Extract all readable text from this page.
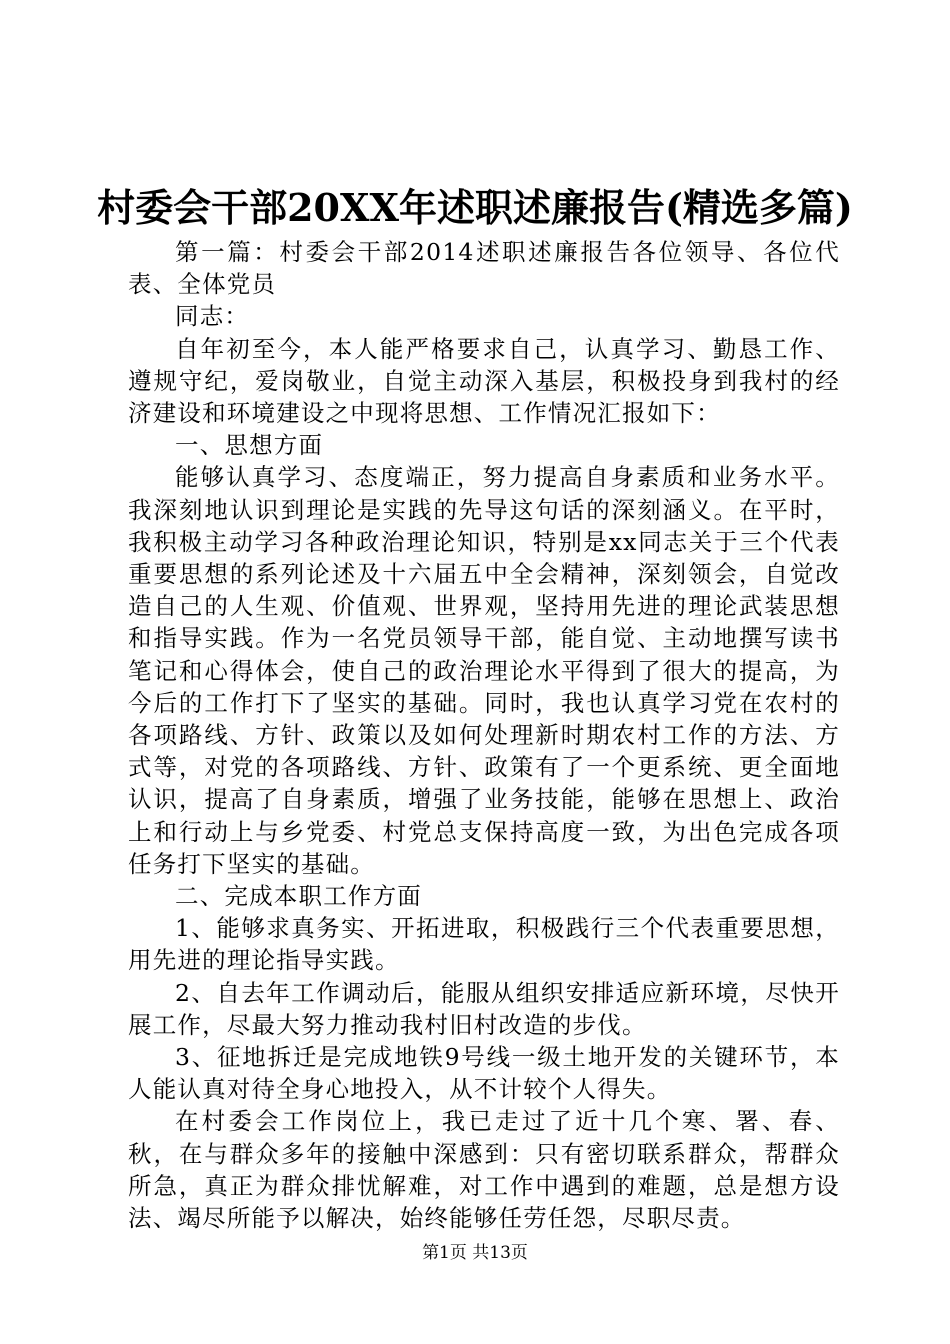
村委会干部20XX年述职述廉报告(精选多篇)

第一篇：村委会干部2014述职述廉报告各位领导、各位代表、全体党员

同志：

自年初至今，本人能严格要求自己，认真学习、勤恳工作、遵规守纪，爱岗敬业，自觉主动深入基层，积极投身到我村的经济建设和环境建设之中现将思想、工作情况汇报如下：

一、思想方面

能够认真学习、态度端正，努力提高自身素质和业务水平。我深刻地认识到理论是实践的先导这句话的深刻涵义。在平时，我积极主动学习各种政治理论知识，特别是xx同志关于三个代表重要思想的系列论述及十六届五中全会精神，深刻领会，自觉改造自己的人生观、价值观、世界观，坚持用先进的理论武装思想和指导实践。作为一名党员领导干部，能自觉、主动地撰写读书笔记和心得体会，使自己的政治理论水平得到了很大的提高，为今后的工作打下了坚实的基础。同时，我也认真学习党在农村的各项路线、方针、政策以及如何处理新时期农村工作的方法、方式等，对党的各项路线、方针、政策有了一个更系统、更全面地认识，提高了自身素质，增强了业务技能，能够在思想上、政治上和行动上与乡党委、村党总支保持高度一致，为出色完成各项任务打下坚实的基础。

二、完成本职工作方面

1、能够求真务实、开拓进取，积极践行三个代表重要思想，用先进的理论指导实践。

2、自去年工作调动后，能服从组织安排适应新环境，尽快开展工作，尽最大努力推动我村旧村改造的步伐。

3、征地拆迁是完成地铁9号线一级土地开发的关键环节，本人能认真对待全身心地投入，从不计较个人得失。

在村委会工作岗位上，我已走过了近十几个寒、署、春、秋，在与群众多年的接触中深感到：只有密切联系群众，帮群众所急，真正为群众排忧解难，对工作中遇到的难题，总是想方设法、竭尽所能予以解决，始终能够任劳任怨，尽职尽责。

第1页 共13页
